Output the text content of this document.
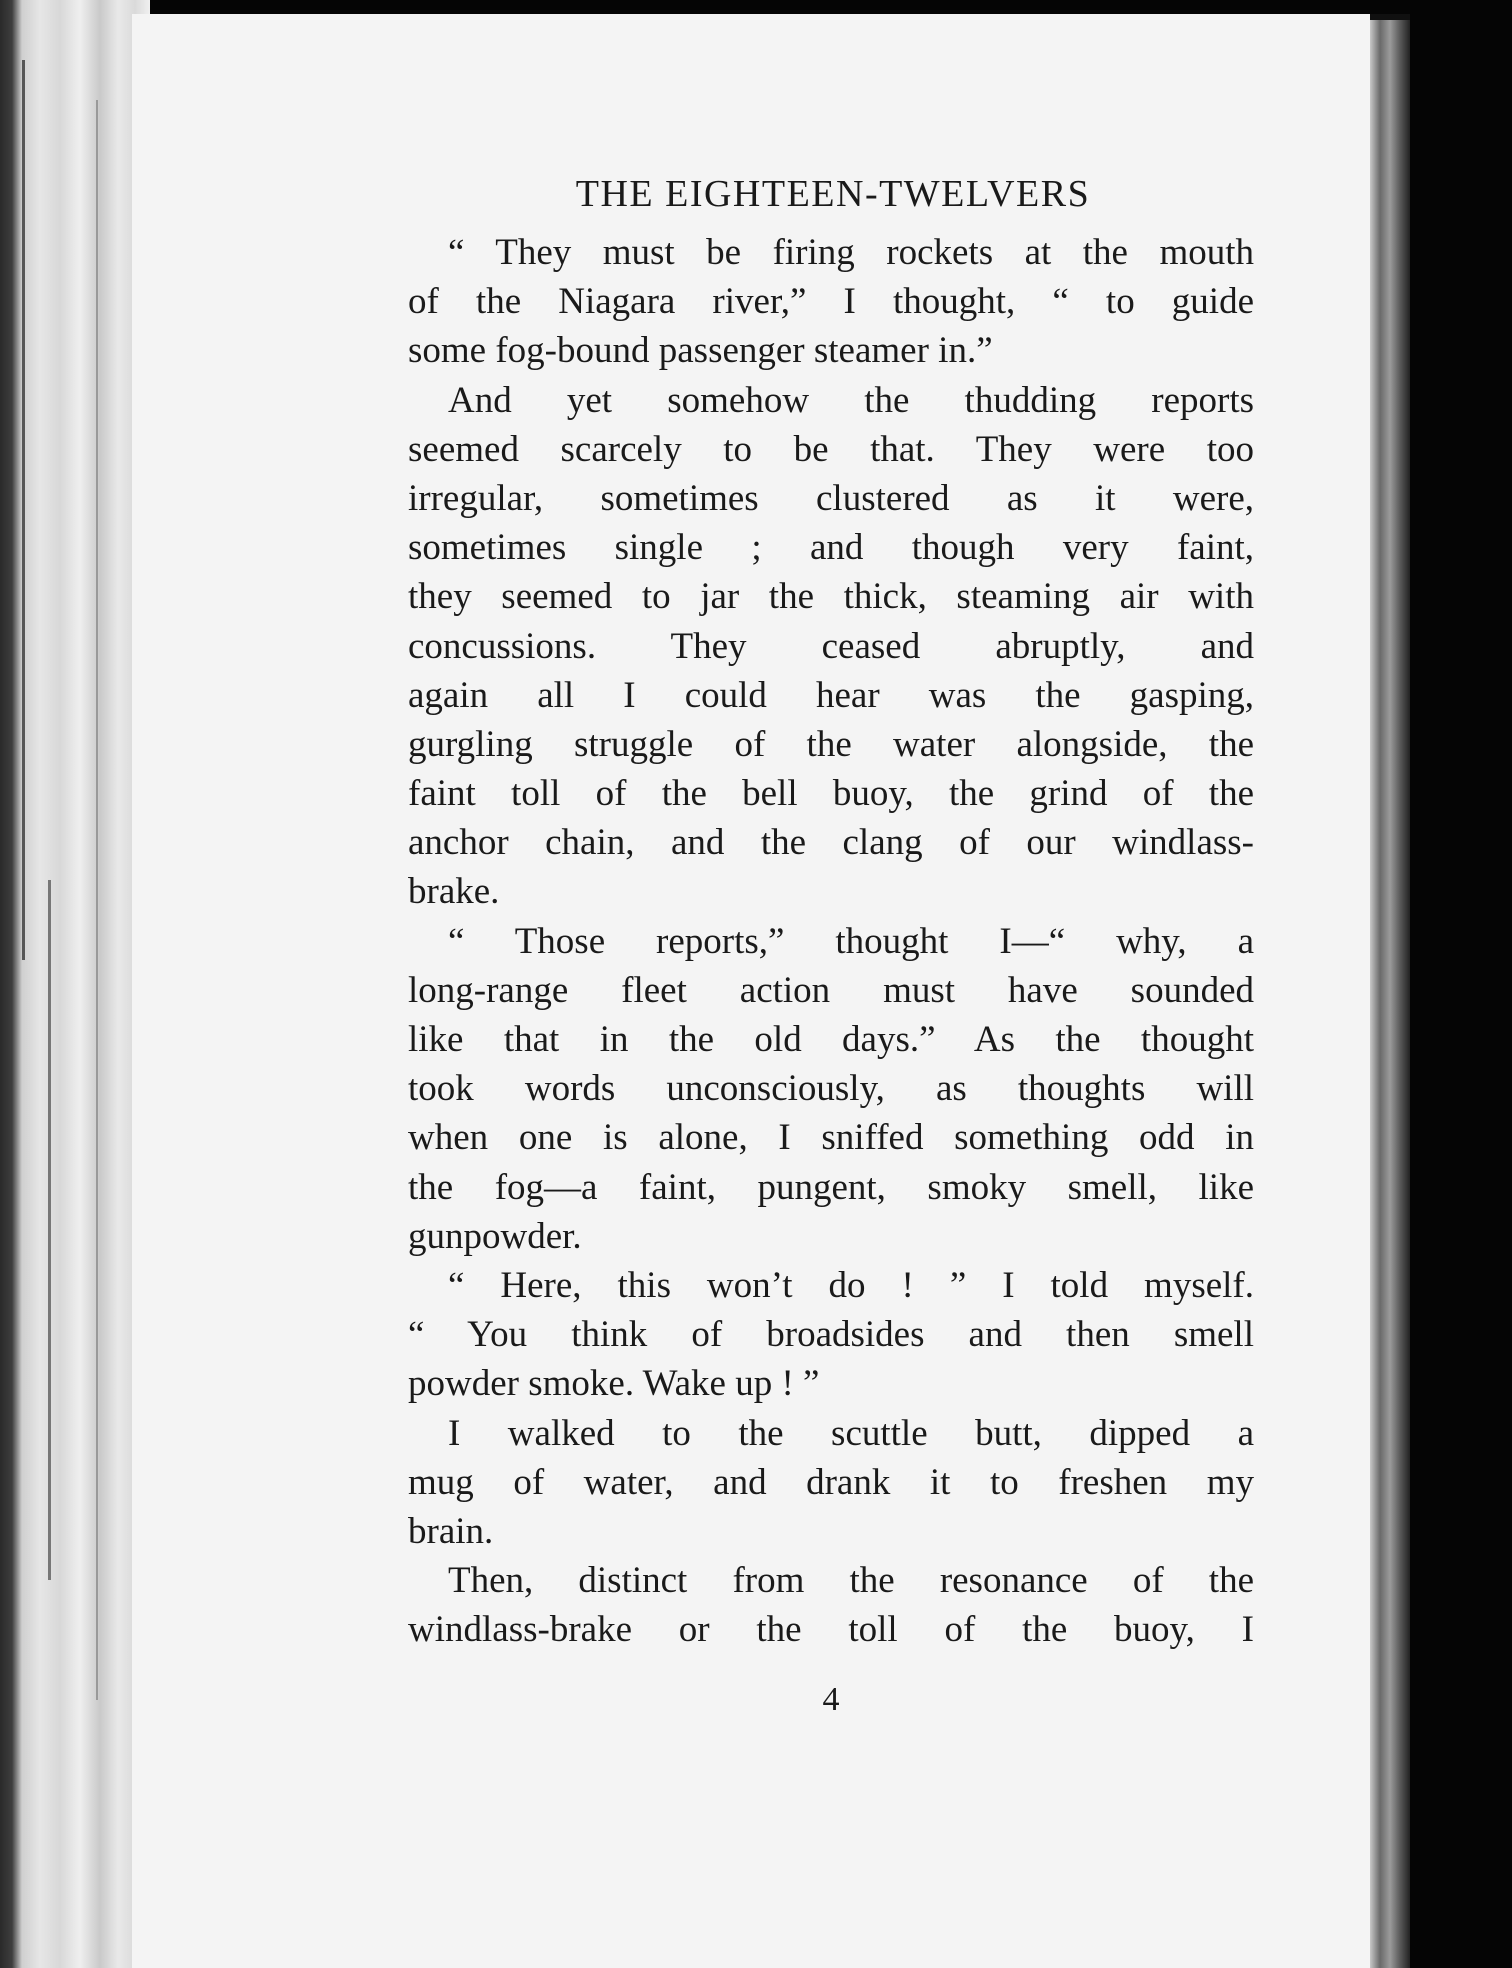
THE EIGHTEEN-TWELVERS
“ They must be firing rockets at the mouth
of the Niagara river,” I thought, “ to guide
some fog-bound passenger steamer in.”
And yet somehow the thudding reports
seemed scarcely to be that. They were too
irregular, sometimes clustered as it were,
sometimes single ; and though very faint,
they seemed to jar the thick, steaming air with
concussions. They ceased abruptly, and
again all I could hear was the gasping,
gurgling struggle of the water alongside, the
faint toll of the bell buoy, the grind of the
anchor chain, and the clang of our windlass-
brake.
“ Those reports,” thought I—“ why, a
long-range fleet action must have sounded
like that in the old days.” As the thought
took words unconsciously, as thoughts will
when one is alone, I sniffed something odd in
the fog—a faint, pungent, smoky smell, like
gunpowder.
“ Here, this won’t do ! ” I told myself.
“ You think of broadsides and then smell
powder smoke. Wake up ! ”
I walked to the scuttle butt, dipped a
mug of water, and drank it to freshen my
brain.
Then, distinct from the resonance of the
windlass-brake or the toll of the buoy, I
4
